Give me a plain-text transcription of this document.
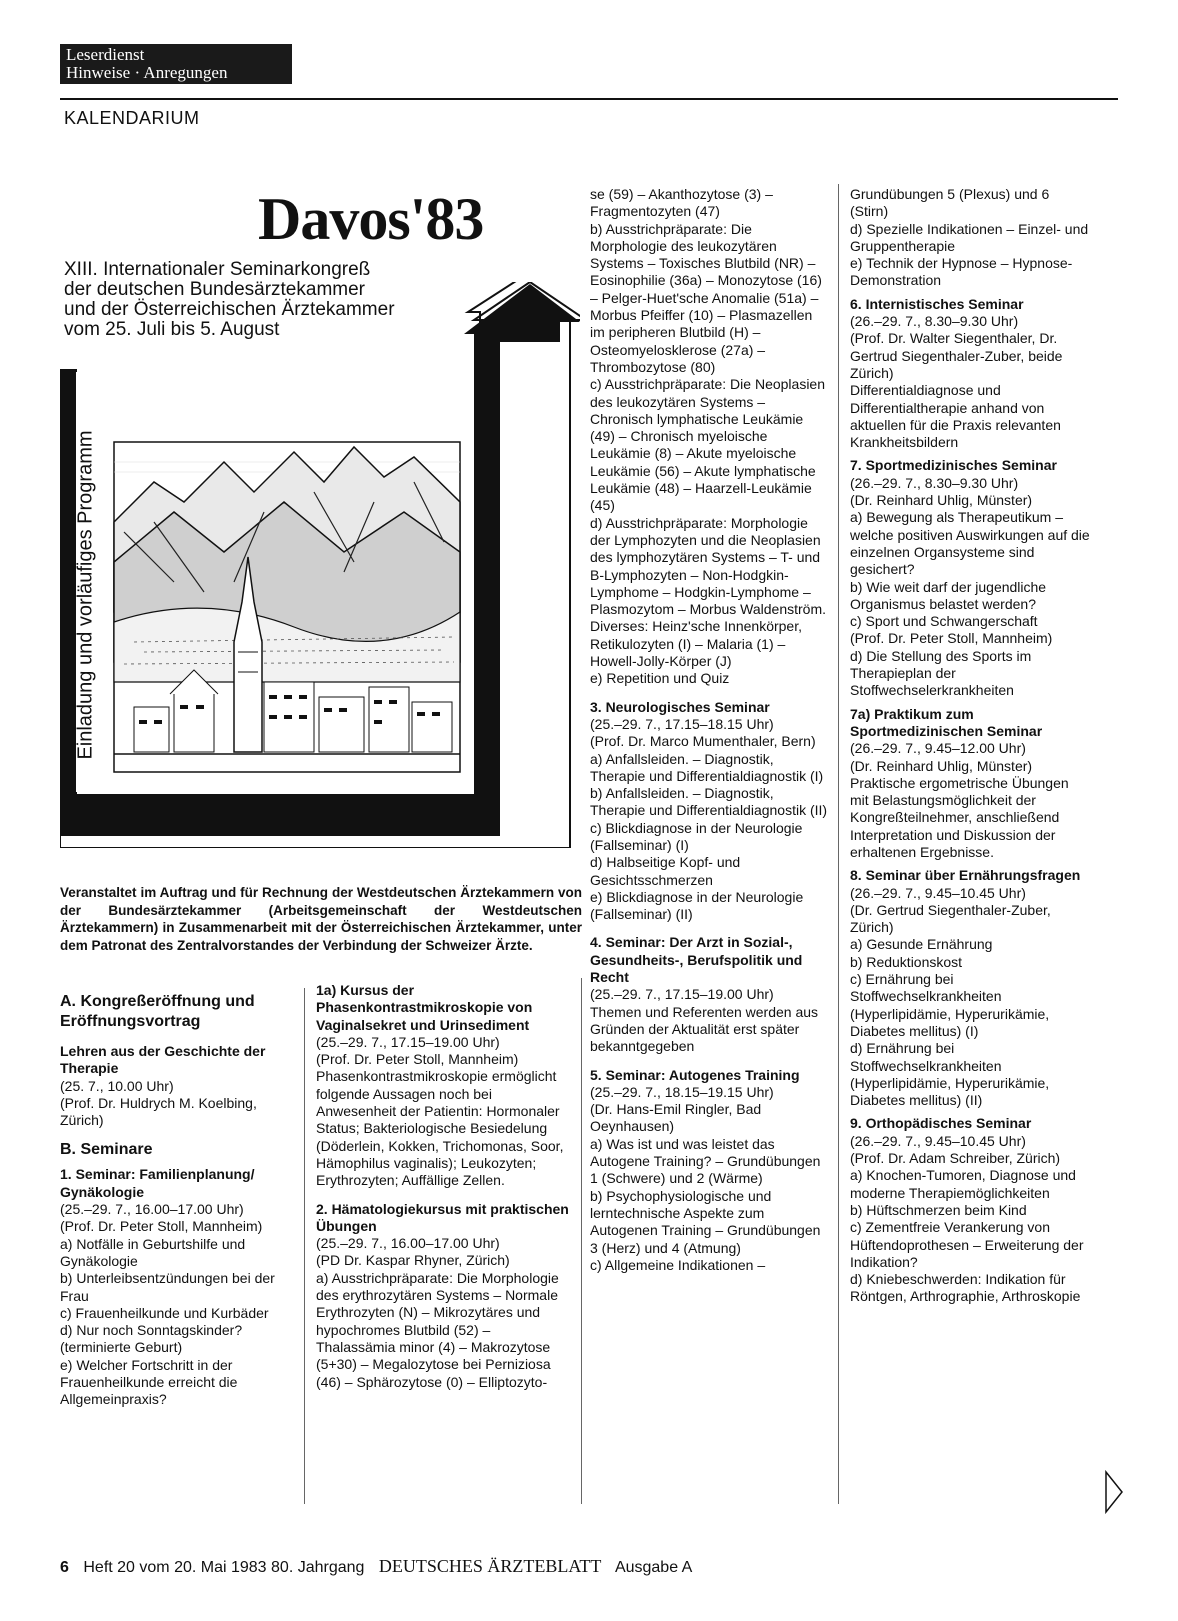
Leserdienst
Hinweise · Anregungen
KALENDARIUM
Davos'83
XIII. Internationaler Seminarkongreß
der deutschen Bundesärztekammer
und der Österreichischen Ärztekammer
vom 25. Juli bis 5. August
Einladung und vorläufiges Programm
Veranstaltet im Auftrag und für Rechnung der Westdeutschen Ärztekammern von der Bundesärztekammer (Arbeitsgemeinschaft der Westdeutschen Ärztekammern) in Zusammenarbeit mit der Österreichischen Ärztekammer, unter dem Patronat des Zentralvorstandes der Verbindung der Schweizer Ärzte.

A. Kongreßeröffnung und Eröffnungsvortrag

Lehren aus der Geschichte der Therapie

(25. 7., 10.00 Uhr)

(Prof. Dr. Huldrych M. Koelbing, Zürich)

B. Seminare

1. Seminar: Familienplanung/ Gynäkologie

(25.–29. 7., 16.00–17.00 Uhr)

(Prof. Dr. Peter Stoll, Mannheim)

a) Notfälle in Geburtshilfe und Gynäkologie

b) Unterleibsentzündungen bei der Frau

c) Frauenheilkunde und Kurbäder

d) Nur noch Sonntagskinder? (terminierte Geburt)

e) Welcher Fortschritt in der Frauenheilkunde erreicht die Allgemeinpraxis?

1a) Kursus der Phasenkontrastmikroskopie von Vaginalsekret und Urinsediment

(25.–29. 7., 17.15–19.00 Uhr)

(Prof. Dr. Peter Stoll, Mannheim)

Phasenkontrastmikroskopie ermöglicht folgende Aussagen noch bei Anwesenheit der Patientin: Hormonaler Status; Bakteriologische Besiedelung (Döderlein, Kokken, Trichomonas, Soor, Hämophilus vaginalis); Leukozyten; Erythrozyten; Auffällige Zellen.

2. Hämatologiekursus mit praktischen Übungen

(25.–29. 7., 16.00–17.00 Uhr)

(PD Dr. Kaspar Rhyner, Zürich)

a) Ausstrichpräparate: Die Morphologie des erythrozytären Systems – Normale Erythrozyten (N) – Mikrozytäres und hypochromes Blutbild (52) – Thalassämia minor (4) – Makrozytose (5+30) – Megalozytose bei Perniziosa (46) – Sphärozytose (0) – Elliptozyto-

se (59) – Akanthozytose (3) – Fragmentozyten (47)

b) Ausstrichpräparate: Die Morphologie des leukozytären Systems – Toxisches Blutbild (NR) – Eosinophilie (36a) – Monozytose (16) – Pelger-Huet'sche Anomalie (51a) – Morbus Pfeiffer (10) – Plasmazellen im peripheren Blutbild (H) – Osteomyelosklerose (27a) – Thrombozytose (80)

c) Ausstrichpräparate: Die Neoplasien des leukozytären Systems – Chronisch lymphatische Leukämie (49) – Chronisch myeloische Leukämie (8) – Akute myeloische Leukämie (56) – Akute lymphatische Leukämie (48) – Haarzell-Leukämie (45)

d) Ausstrichpräparate: Morphologie der Lymphozyten und die Neoplasien des lymphozytären Systems – T- und B-Lymphozyten – Non-Hodgkin-Lymphome – Hodgkin-Lymphome – Plasmozytom – Morbus Waldenström. Diverses: Heinz'sche Innenkörper, Retikulozyten (I) – Malaria (1) – Howell-Jolly-Körper (J)

e) Repetition und Quiz

3. Neurologisches Seminar

(25.–29. 7., 17.15–18.15 Uhr)

(Prof. Dr. Marco Mumenthaler, Bern)

a) Anfallsleiden. – Diagnostik, Therapie und Differentialdiagnostik (I)

b) Anfallsleiden. – Diagnostik, Therapie und Differentialdiagnostik (II)

c) Blickdiagnose in der Neurologie (Fallseminar) (I)

d) Halbseitige Kopf- und Gesichtsschmerzen

e) Blickdiagnose in der Neurologie (Fallseminar) (II)

4. Seminar: Der Arzt in Sozial-, Gesundheits-, Berufspolitik und Recht

(25.–29. 7., 17.15–19.00 Uhr)

Themen und Referenten werden aus Gründen der Aktualität erst später bekanntgegeben

5. Seminar: Autogenes Training

(25.–29. 7., 18.15–19.15 Uhr)

(Dr. Hans-Emil Ringler, Bad Oeynhausen)

a) Was ist und was leistet das Autogene Training? – Grundübungen 1 (Schwere) und 2 (Wärme)

b) Psychophysiologische und lerntechnische Aspekte zum Autogenen Training – Grundübungen 3 (Herz) und 4 (Atmung)

c) Allgemeine Indikationen –

Grundübungen 5 (Plexus) und 6 (Stirn)

d) Spezielle Indikationen – Einzel- und Gruppentherapie

e) Technik der Hypnose – Hypnose-Demonstration

6. Internistisches Seminar

(26.–29. 7., 8.30–9.30 Uhr)

(Prof. Dr. Walter Siegenthaler, Dr. Gertrud Siegenthaler-Zuber, beide Zürich)

Differentialdiagnose und Differentialtherapie anhand von aktuellen für die Praxis relevanten Krankheitsbildern

7. Sportmedizinisches Seminar

(26.–29. 7., 8.30–9.30 Uhr)

(Dr. Reinhard Uhlig, Münster)

a) Bewegung als Therapeutikum – welche positiven Auswirkungen auf die einzelnen Organsysteme sind gesichert?

b) Wie weit darf der jugendliche Organismus belastet werden?

c) Sport und Schwangerschaft

(Prof. Dr. Peter Stoll, Mannheim)

d) Die Stellung des Sports im Therapieplan der Stoffwechselerkrankheiten

7a) Praktikum zum Sportmedizinischen Seminar

(26.–29. 7., 9.45–12.00 Uhr)

(Dr. Reinhard Uhlig, Münster)

Praktische ergometrische Übungen mit Belastungsmöglichkeit der Kongreßteilnehmer, anschließend Interpretation und Diskussion der erhaltenen Ergebnisse.

8. Seminar über Ernährungsfragen

(26.–29. 7., 9.45–10.45 Uhr)

(Dr. Gertrud Siegenthaler-Zuber, Zürich)

a) Gesunde Ernährung

b) Reduktionskost

c) Ernährung bei Stoffwechselkrankheiten (Hyperlipidämie, Hyperurikämie, Diabetes mellitus) (I)

d) Ernährung bei Stoffwechselkrankheiten (Hyperlipidämie, Hyperurikämie, Diabetes mellitus) (II)

9. Orthopädisches Seminar

(26.–29. 7., 9.45–10.45 Uhr)

(Prof. Dr. Adam Schreiber, Zürich)

a) Knochen-Tumoren, Diagnose und moderne Therapiemöglichkeiten

b) Hüftschmerzen beim Kind

c) Zementfreie Verankerung von Hüftendoprothesen – Erweiterung der Indikation?

d) Kniebeschwerden: Indikation für Röntgen, Arthrographie, Arthroskopie

6 Heft 20 vom 20. Mai 1983 80. Jahrgang DEUTSCHES ÄRZTEBLATT Ausgabe A
